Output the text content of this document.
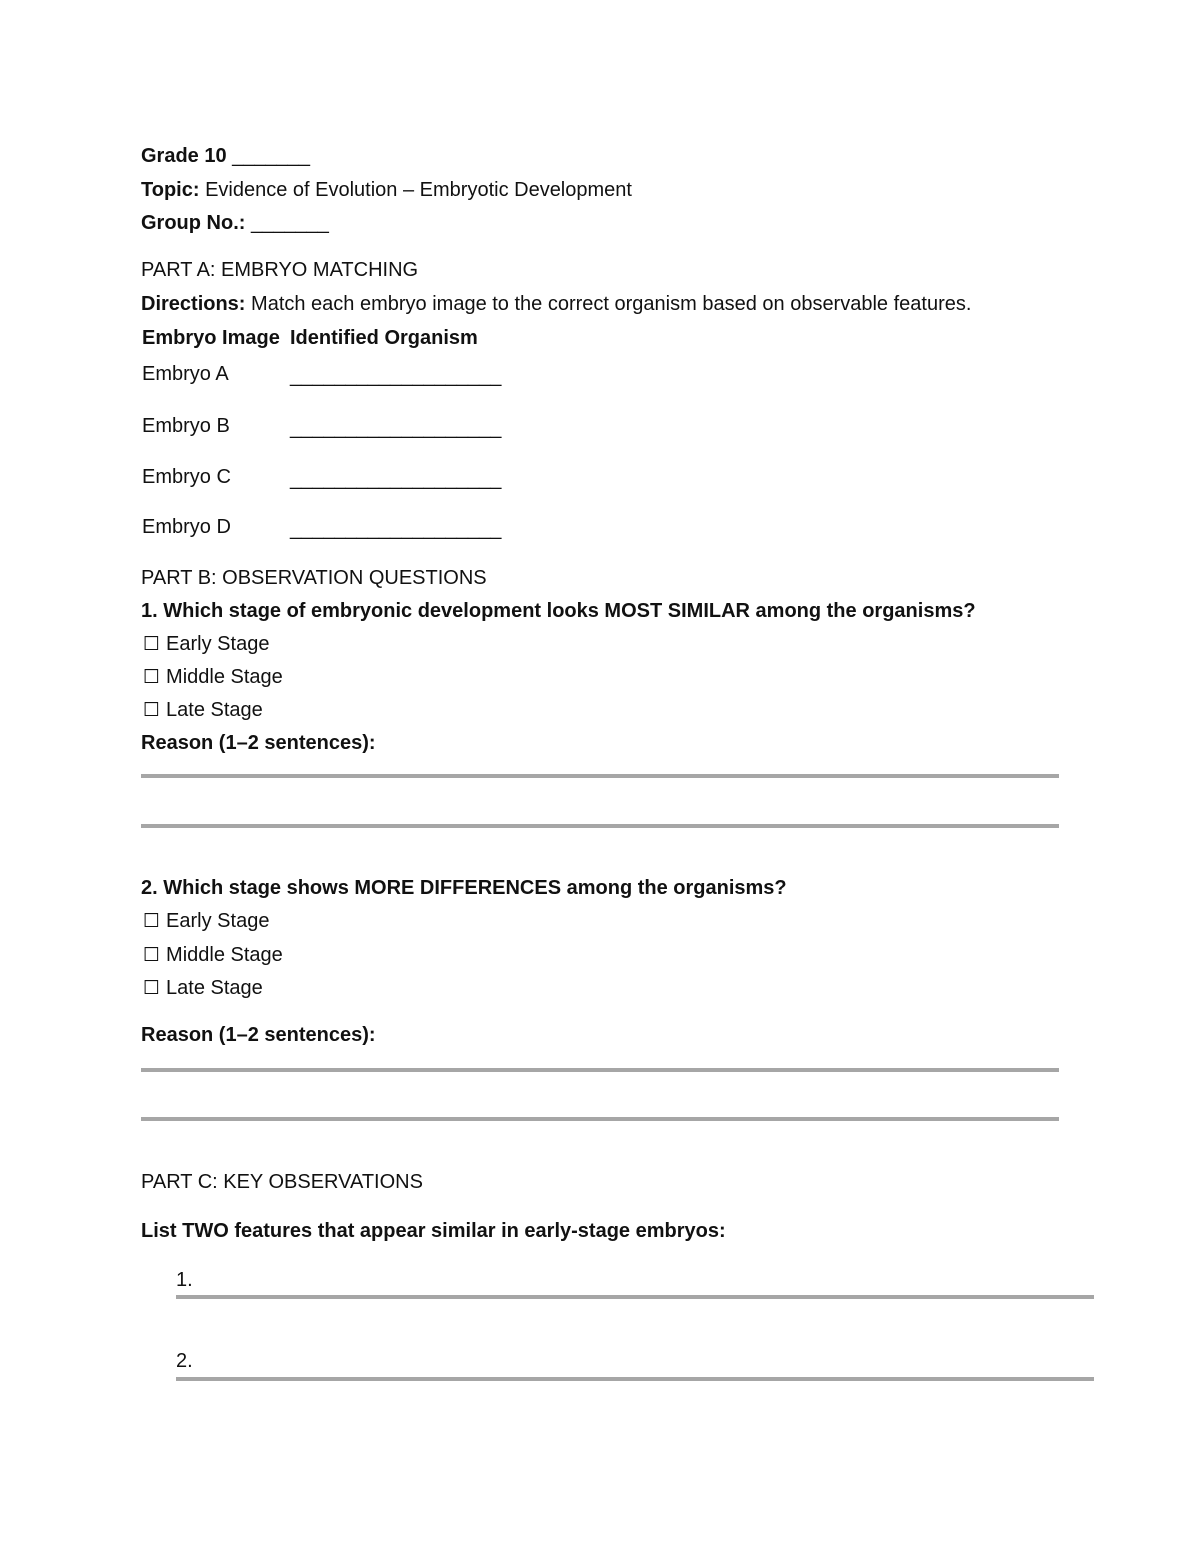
Grade 10 _______
Topic: Evidence of Evolution – Embryotic Development
Group No.: _______
PART A: EMBRYO MATCHING
Directions: Match each embryo image to the correct organism based on observable features.
Embryo Image Identified Organism
Embryo A	___________________
Embryo B	___________________
Embryo C	___________________
Embryo D	___________________
PART B: OBSERVATION QUESTIONS
1. Which stage of embryonic development looks MOST SIMILAR among the organisms?
☐ Early Stage
☐ Middle Stage
☐ Late Stage
Reason (1–2 sentences):
2. Which stage shows MORE DIFFERENCES among the organisms?
☐ Early Stage
☐ Middle Stage
☐ Late Stage
Reason (1–2 sentences):
PART C: KEY OBSERVATIONS
List TWO features that appear similar in early-stage embryos:
1.
2.
